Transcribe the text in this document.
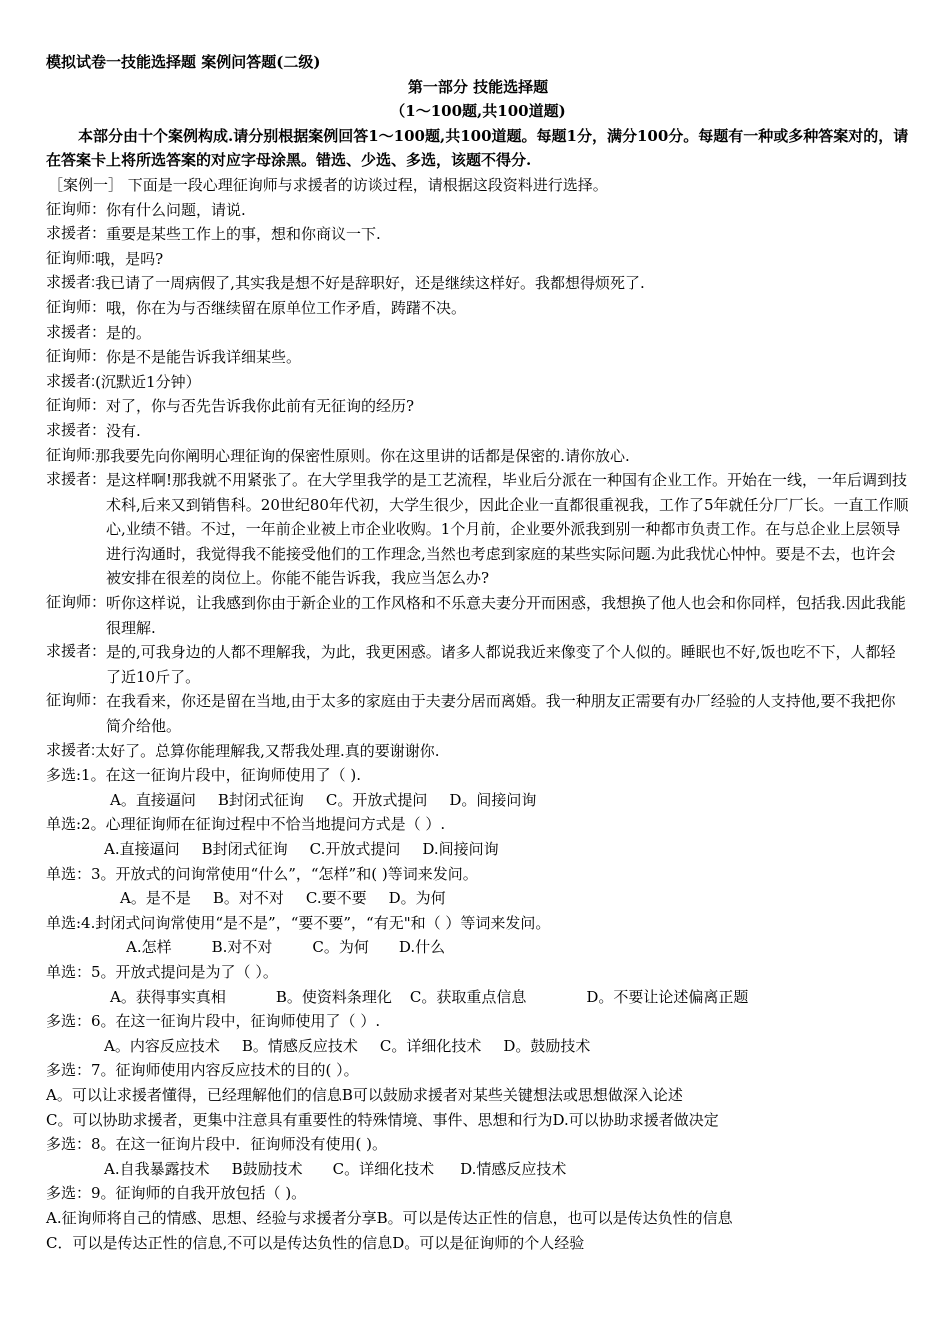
模拟试卷一技能选择题 案例问答题(二级)
第一部分 技能选择题
（1～100题,共100道题)
本部分由十个案例构成.请分别根据案例回答1～100题,共100道题。每题1分，满分100分。每题有一种或多种答案对的，请在答案卡上将所选答案的对应字母涂黑。错选、少选、多选，该题不得分.
［案例一］ 下面是一段心理征询师与求援者的访谈过程，请根据这段资料进行选择。
征询师： 你有什么问题，请说.
求援者： 重要是某些工作上的事，想和你商议一下.
征询师: 哦，是吗?
求援者: 我已请了一周病假了,其实我是想不好是辞职好，还是继续这样好。我都想得烦死了.
征询师： 哦，你在为与否继续留在原单位工作矛盾，踌躇不决。
求援者： 是的。
征询师： 你是不是能告诉我详细某些。
求援者: (沉默近1分钟）
征询师： 对了，你与否先告诉我你此前有无征询的经历?
求援者： 没有.
征询师: 那我要先向你阐明心理征询的保密性原则。你在这里讲的话都是保密的.请你放心.
求援者： 是这样啊!那我就不用紧张了。在大学里我学的是工艺流程，毕业后分派在一种国有企业工作。开始在一线，一年后调到技术科,后来又到销售科。20世纪80年代初，大学生很少，因此企业一直都很重视我，工作了5年就任分厂厂长。一直工作顺心,业绩不错。不过，一年前企业被上市企业收购。1个月前，企业要外派我到别一种都市负责工作。在与总企业上层领导进行沟通时，我觉得我不能接受他们的工作理念,当然也考虑到家庭的某些实际问题.为此我忧心忡忡。要是不去，也许会被安排在很差的岗位上。你能不能告诉我，我应当怎么办?
征询师： 听你这样说，让我感到你由于新企业的工作风格和不乐意夫妻分开而困惑，我想换了他人也会和你同样，包括我.因此我能很理解.
求援者： 是的,可我身边的人都不理解我，为此，我更困惑。诸多人都说我近来像变了个人似的。睡眠也不好,饭也吃不下，人都轻了近10斤了。
征询师： 在我看来，你还是留在当地,由于太多的家庭由于夫妻分居而离婚。我一种朋友正需要有办厂经验的人支持他,要不我把你简介给他。
求援者: 太好了。总算你能理解我,又帮我处理.真的要谢谢你.
多选:1。在这一征询片段中，征询师使用了（ ).
A。直接逼问 B封闭式征询 C。开放式提问 D。间接问询
单选:2。心理征询师在征询过程中不恰当地提问方式是（ ）.
A.直接逼问 B封闭式征询 C.开放式提问 D.间接问询
单选：3。开放式的问询常使用“什么”，“怎样”和( )等词来发问。
A。是不是 B。对不对 C.要不要 D。为何
单选:4.封闭式问询常使用“是不是”，“要不要”，“有无"和（ ）等词来发问。
A.怎样	B.对不对	C。为何 D.什么
单选：5。开放式提问是为了（ ）。
A。获得事实真相	B。使资料条理化 C。获取重点信息	D。不要让论述偏离正题
多选：6。在这一征询片段中，征询师使用了（ ）.
A。内容反应技术 B。情感反应技术 C。详细化技术 D。鼓励技术
多选：7。征询师使用内容反应技术的目的( ）。
A。可以让求援者懂得，已经理解他们的信息B可以鼓励求援者对某些关键想法或思想做深入论述
C。可以协助求援者，更集中注意具有重要性的特殊情境、事件、思想和行为D.可以协助求援者做决定
多选：8。在这一征询片段中．征询师没有使用( )。
A.自我暴露技术 B鼓励技术 C。详细化技术 D.情感反应技术
多选：9。征询师的自我开放包括（ )。
A.征询师将自己的情感、思想、经验与求援者分享B。可以是传达正性的信息，也可以是传达负性的信息
C．可以是传达正性的信息,不可以是传达负性的信息D。可以是征询师的个人经验
